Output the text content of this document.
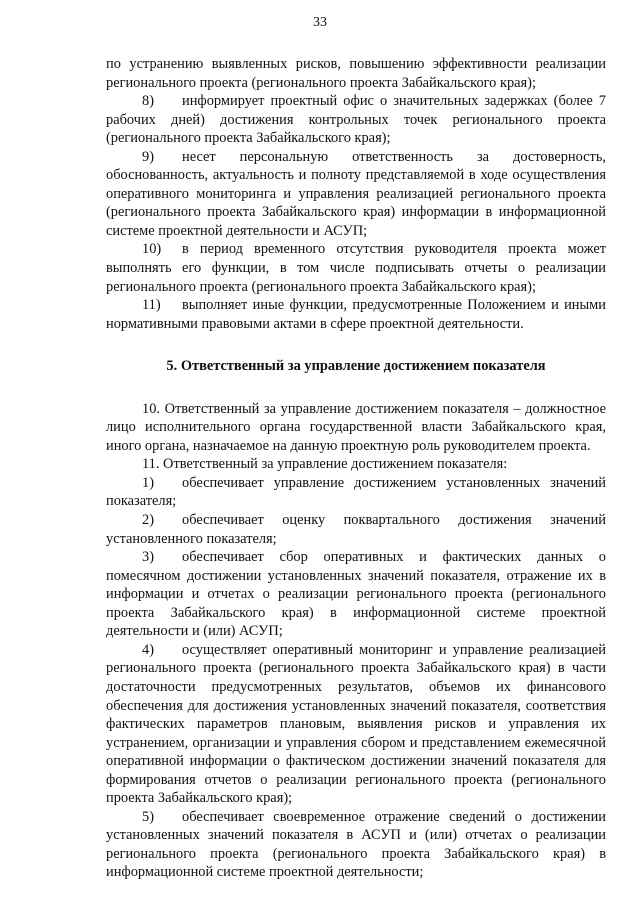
33

по устранению выявленных рисков, повышению эффективности реализации регионального проекта (регионального проекта Забайкальского края);

8) информирует проектный офис о значительных задержках (более 7 рабочих дней) достижения контрольных точек регионального проекта (регионального проекта Забайкальского края);

9) несет персональную ответственность за достоверность, обоснованность, актуальность и полноту представляемой в ходе осуществления оперативного мониторинга и управления реализацией регионального проекта (регионального проекта Забайкальского края) информации в информационной системе проектной деятельности и АСУП;

10) в период временного отсутствия руководителя проекта может выполнять его функции, в том числе подписывать отчеты о реализации регионального проекта (регионального проекта Забайкальского края);

11) выполняет иные функции, предусмотренные Положением и иными нормативными правовыми актами в сфере проектной деятельности.

5. Ответственный за управление достижением показателя

10. Ответственный за управление достижением показателя – должностное лицо исполнительного органа государственной власти Забайкальского края, иного органа, назначаемое на данную проектную роль руководителем проекта.

11. Ответственный за управление достижением показателя:

1) обеспечивает управление достижением установленных значений показателя;

2) обеспечивает оценку поквартального достижения значений установленного показателя;

3) обеспечивает сбор оперативных и фактических данных о помесячном достижении установленных значений показателя, отражение их в информации и отчетах о реализации регионального проекта (регионального проекта Забайкальского края) в информационной системе проектной деятельности и (или) АСУП;

4) осуществляет оперативный мониторинг и управление реализацией регионального проекта (регионального проекта Забайкальского края) в части достаточности предусмотренных результатов, объемов их финансового обеспечения для достижения установленных значений показателя, соответствия фактических параметров плановым, выявления рисков и управления их устранением, организации и управления сбором и представлением ежемесячной оперативной информации о фактическом достижении значений показателя для формирования отчетов о реализации регионального проекта (регионального проекта Забайкальского края);

5) обеспечивает своевременное отражение сведений о достижении установленных значений показателя в АСУП и (или) отчетах о реализации регионального проекта (регионального проекта Забайкальского края) в информационной системе проектной деятельности;
